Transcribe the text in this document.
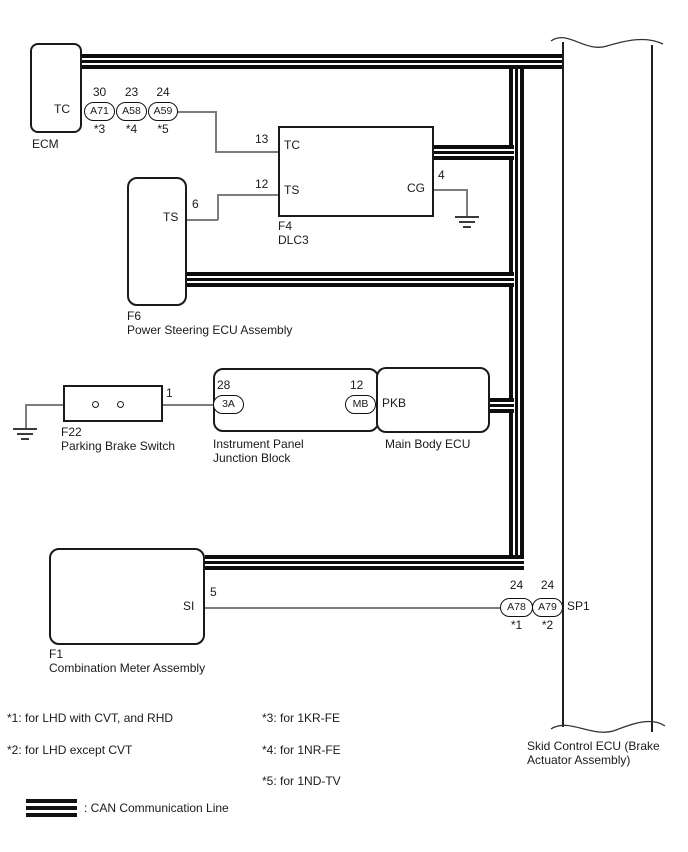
TC
ECM	TC
TS	CG
13
12
4
F4
DLC3
TS
6
F6
Power Steering ECU Assembly
1
F22
Parking Brake Switch
28	12
PKB
Instrument Panel
Junction Block
Main Body ECU
SI
5
F1
Combination Meter Assembly
30	23	24
A71	A58	A59
*3	*4	*5
3A	MB
24	24
A78	A79
*1	*2
SP1
Skid Control ECU (Brake
Actuator Assembly)
*1: for LHD with CVT, and RHD
*2: for LHD except CVT
*3: for 1KR-FE
*4: for 1NR-FE
*5: for 1ND-TV
: CAN Communication Line
